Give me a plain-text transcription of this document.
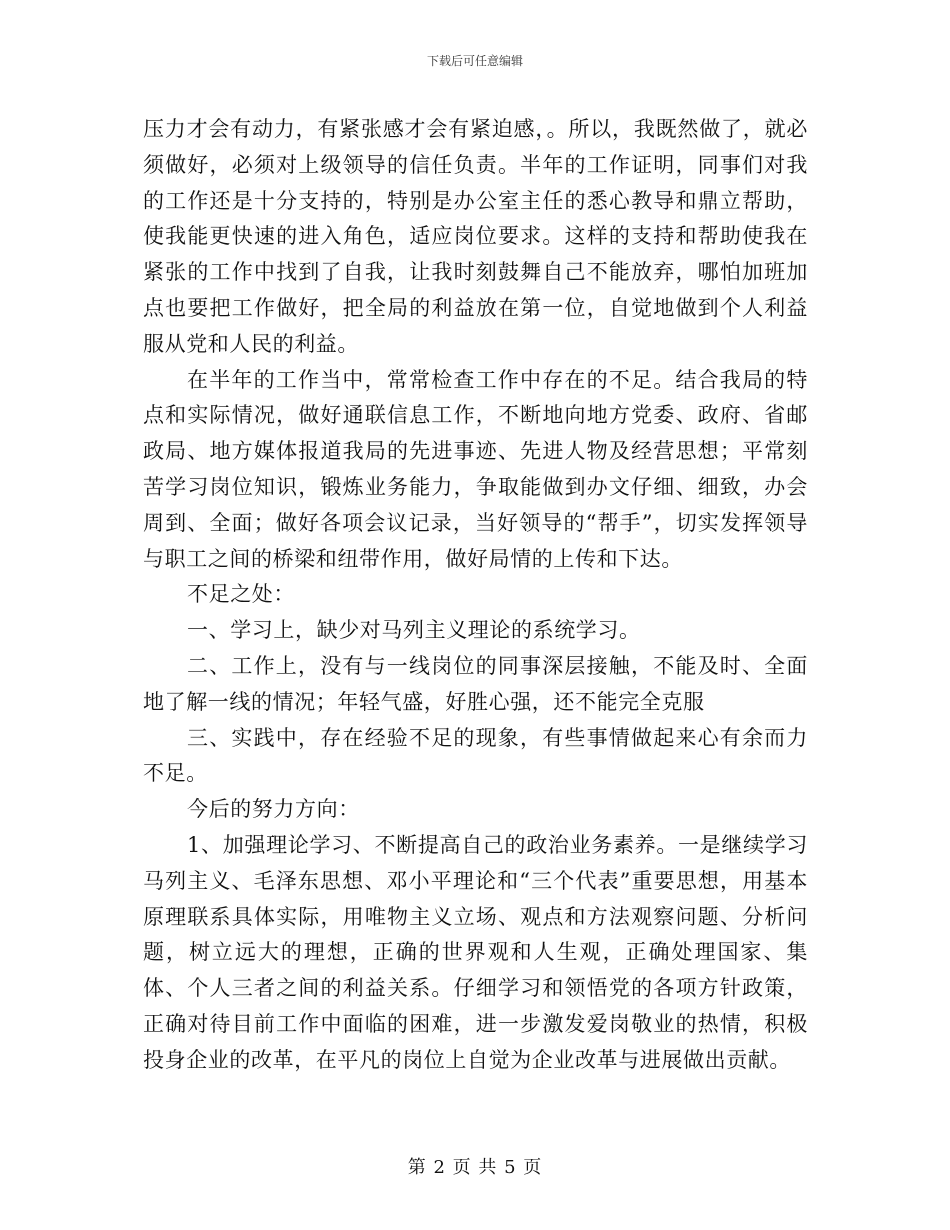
下载后可任意编辑

压力才会有动力，有紧张感才会有紧迫感，。所以，我既然做了，就必须做好，必须对上级领导的信任负责。半年的工作证明，同事们对我的工作还是十分支持的，特别是办公室主任的悉心教导和鼎立帮助，使我能更快速的进入角色，适应岗位要求。这样的支持和帮助使我在紧张的工作中找到了自我，让我时刻鼓舞自己不能放弃，哪怕加班加点也要把工作做好，把全局的利益放在第一位，自觉地做到个人利益服从党和人民的利益。

在半年的工作当中，常常检查工作中存在的不足。结合我局的特点和实际情况，做好通联信息工作，不断地向地方党委、政府、省邮政局、地方媒体报道我局的先进事迹、先进人物及经营思想；平常刻苦学习岗位知识，锻炼业务能力，争取能做到办文仔细、细致，办会周到、全面；做好各项会议记录，当好领导的“帮手”，切实发挥领导与职工之间的桥梁和纽带作用，做好局情的上传和下达。

不足之处：

一、学习上，缺少对马列主义理论的系统学习。

二、工作上，没有与一线岗位的同事深层接触，不能及时、全面地了解一线的情况；年轻气盛，好胜心强，还不能完全克服

三、实践中，存在经验不足的现象，有些事情做起来心有余而力不足。

今后的努力方向：

1、加强理论学习、不断提高自己的政治业务素养。一是继续学习马列主义、毛泽东思想、邓小平理论和“三个代表”重要思想，用基本原理联系具体实际，用唯物主义立场、观点和方法观察问题、分析问题，树立远大的理想，正确的世界观和人生观，正确处理国家、集体、个人三者之间的利益关系。仔细学习和领悟党的各项方针政策，正确对待目前工作中面临的困难，进一步激发爱岗敬业的热情，积极投身企业的改革，在平凡的岗位上自觉为企业改革与进展做出贡献。

第 2 页 共 5 页
